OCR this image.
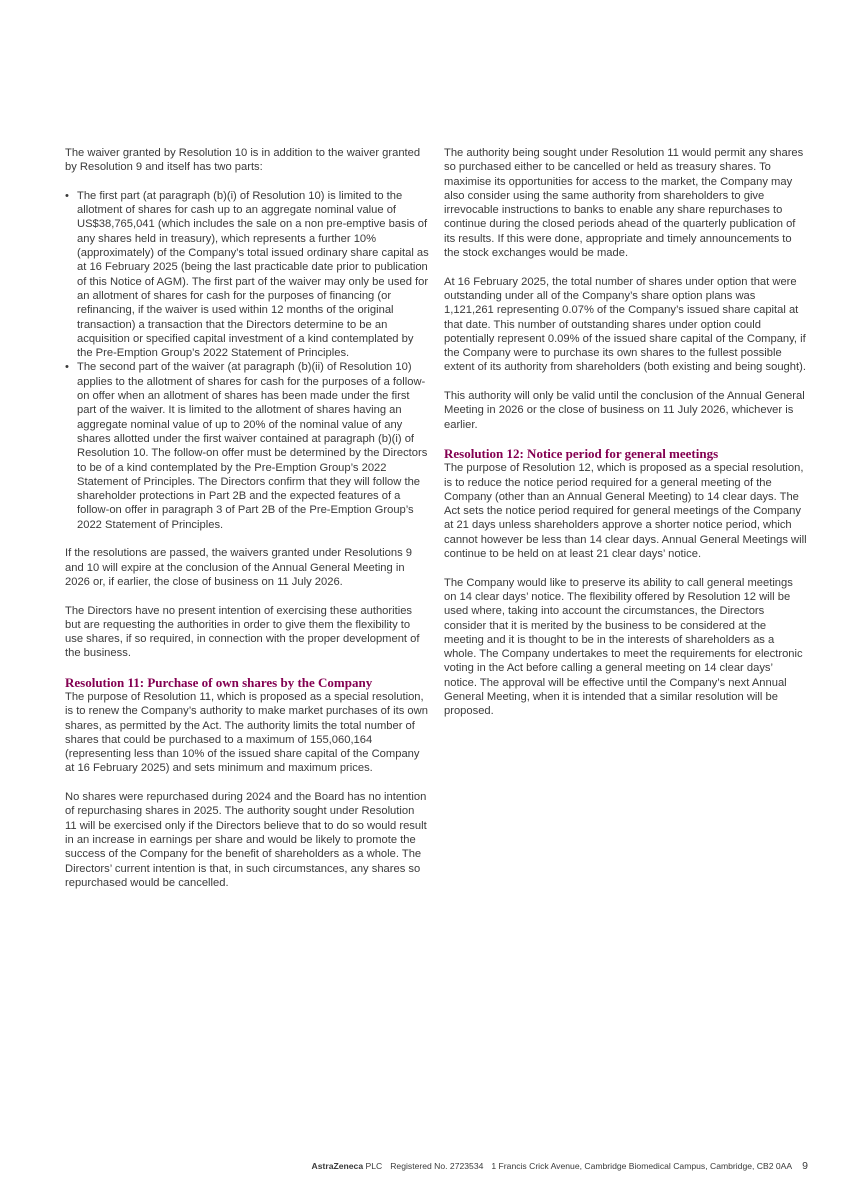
The waiver granted by Resolution 10 is in addition to the waiver granted by Resolution 9 and itself has two parts:

• The first part (at paragraph (b)(i) of Resolution 10) is limited to the allotment of shares for cash up to an aggregate nominal value of US$38,765,041 (which includes the sale on a non pre-emptive basis of any shares held in treasury), which represents a further 10% (approximately) of the Company’s total issued ordinary share capital as at 16 February 2025 (being the last practicable date prior to publication of this Notice of AGM). The first part of the waiver may only be used for an allotment of shares for cash for the purposes of financing (or refinancing, if the waiver is used within 12 months of the original transaction) a transaction that the Directors determine to be an acquisition or specified capital investment of a kind contemplated by the Pre-Emption Group’s 2022 Statement of Principles.
• The second part of the waiver (at paragraph (b)(ii) of Resolution 10) applies to the allotment of shares for cash for the purposes of a follow-on offer when an allotment of shares has been made under the first part of the waiver. It is limited to the allotment of shares having an aggregate nominal value of up to 20% of the nominal value of any shares allotted under the first waiver contained at paragraph (b)(i) of Resolution 10. The follow-on offer must be determined by the Directors to be of a kind contemplated by the Pre-Emption Group’s 2022 Statement of Principles. The Directors confirm that they will follow the shareholder protections in Part 2B and the expected features of a follow-on offer in paragraph 3 of Part 2B of the Pre-Emption Group’s 2022 Statement of Principles.

If the resolutions are passed, the waivers granted under Resolutions 9 and 10 will expire at the conclusion of the Annual General Meeting in 2026 or, if earlier, the close of business on 11 July 2026.

The Directors have no present intention of exercising these authorities but are requesting the authorities in order to give them the flexibility to use shares, if so required, in connection with the proper development of the business.

Resolution 11: Purchase of own shares by the Company

The purpose of Resolution 11, which is proposed as a special resolution, is to renew the Company’s authority to make market purchases of its own shares, as permitted by the Act. The authority limits the total number of shares that could be purchased to a maximum of 155,060,164 (representing less than 10% of the issued share capital of the Company at 16 February 2025) and sets minimum and maximum prices.

No shares were repurchased during 2024 and the Board has no intention of repurchasing shares in 2025. The authority sought under Resolution 11 will be exercised only if the Directors believe that to do so would result in an increase in earnings per share and would be likely to promote the success of the Company for the benefit of shareholders as a whole. The Directors’ current intention is that, in such circumstances, any shares so repurchased would be cancelled.

The authority being sought under Resolution 11 would permit any shares so purchased either to be cancelled or held as treasury shares. To maximise its opportunities for access to the market, the Company may also consider using the same authority from shareholders to give irrevocable instructions to banks to enable any share repurchases to continue during the closed periods ahead of the quarterly publication of its results. If this were done, appropriate and timely announcements to the stock exchanges would be made.

At 16 February 2025, the total number of shares under option that were outstanding under all of the Company’s share option plans was 1,121,261 representing 0.07% of the Company’s issued share capital at that date. This number of outstanding shares under option could potentially represent 0.09% of the issued share capital of the Company, if the Company were to purchase its own shares to the fullest possible extent of its authority from shareholders (both existing and being sought).

This authority will only be valid until the conclusion of the Annual General Meeting in 2026 or the close of business on 11 July 2026, whichever is earlier.

Resolution 12: Notice period for general meetings

The purpose of Resolution 12, which is proposed as a special resolution, is to reduce the notice period required for a general meeting of the Company (other than an Annual General Meeting) to 14 clear days. The Act sets the notice period required for general meetings of the Company at 21 days unless shareholders approve a shorter notice period, which cannot however be less than 14 clear days. Annual General Meetings will continue to be held on at least 21 clear days’ notice.

The Company would like to preserve its ability to call general meetings on 14 clear days’ notice. The flexibility offered by Resolution 12 will be used where, taking into account the circumstances, the Directors consider that it is merited by the business to be considered at the meeting and it is thought to be in the interests of shareholders as a whole. The Company undertakes to meet the requirements for electronic voting in the Act before calling a general meeting on 14 clear days’ notice. The approval will be effective until the Company’s next Annual General Meeting, when it is intended that a similar resolution will be proposed.

AstraZeneca PLC Registered No. 2723534 1 Francis Crick Avenue, Cambridge Biomedical Campus, Cambridge, CB2 0AA 9
